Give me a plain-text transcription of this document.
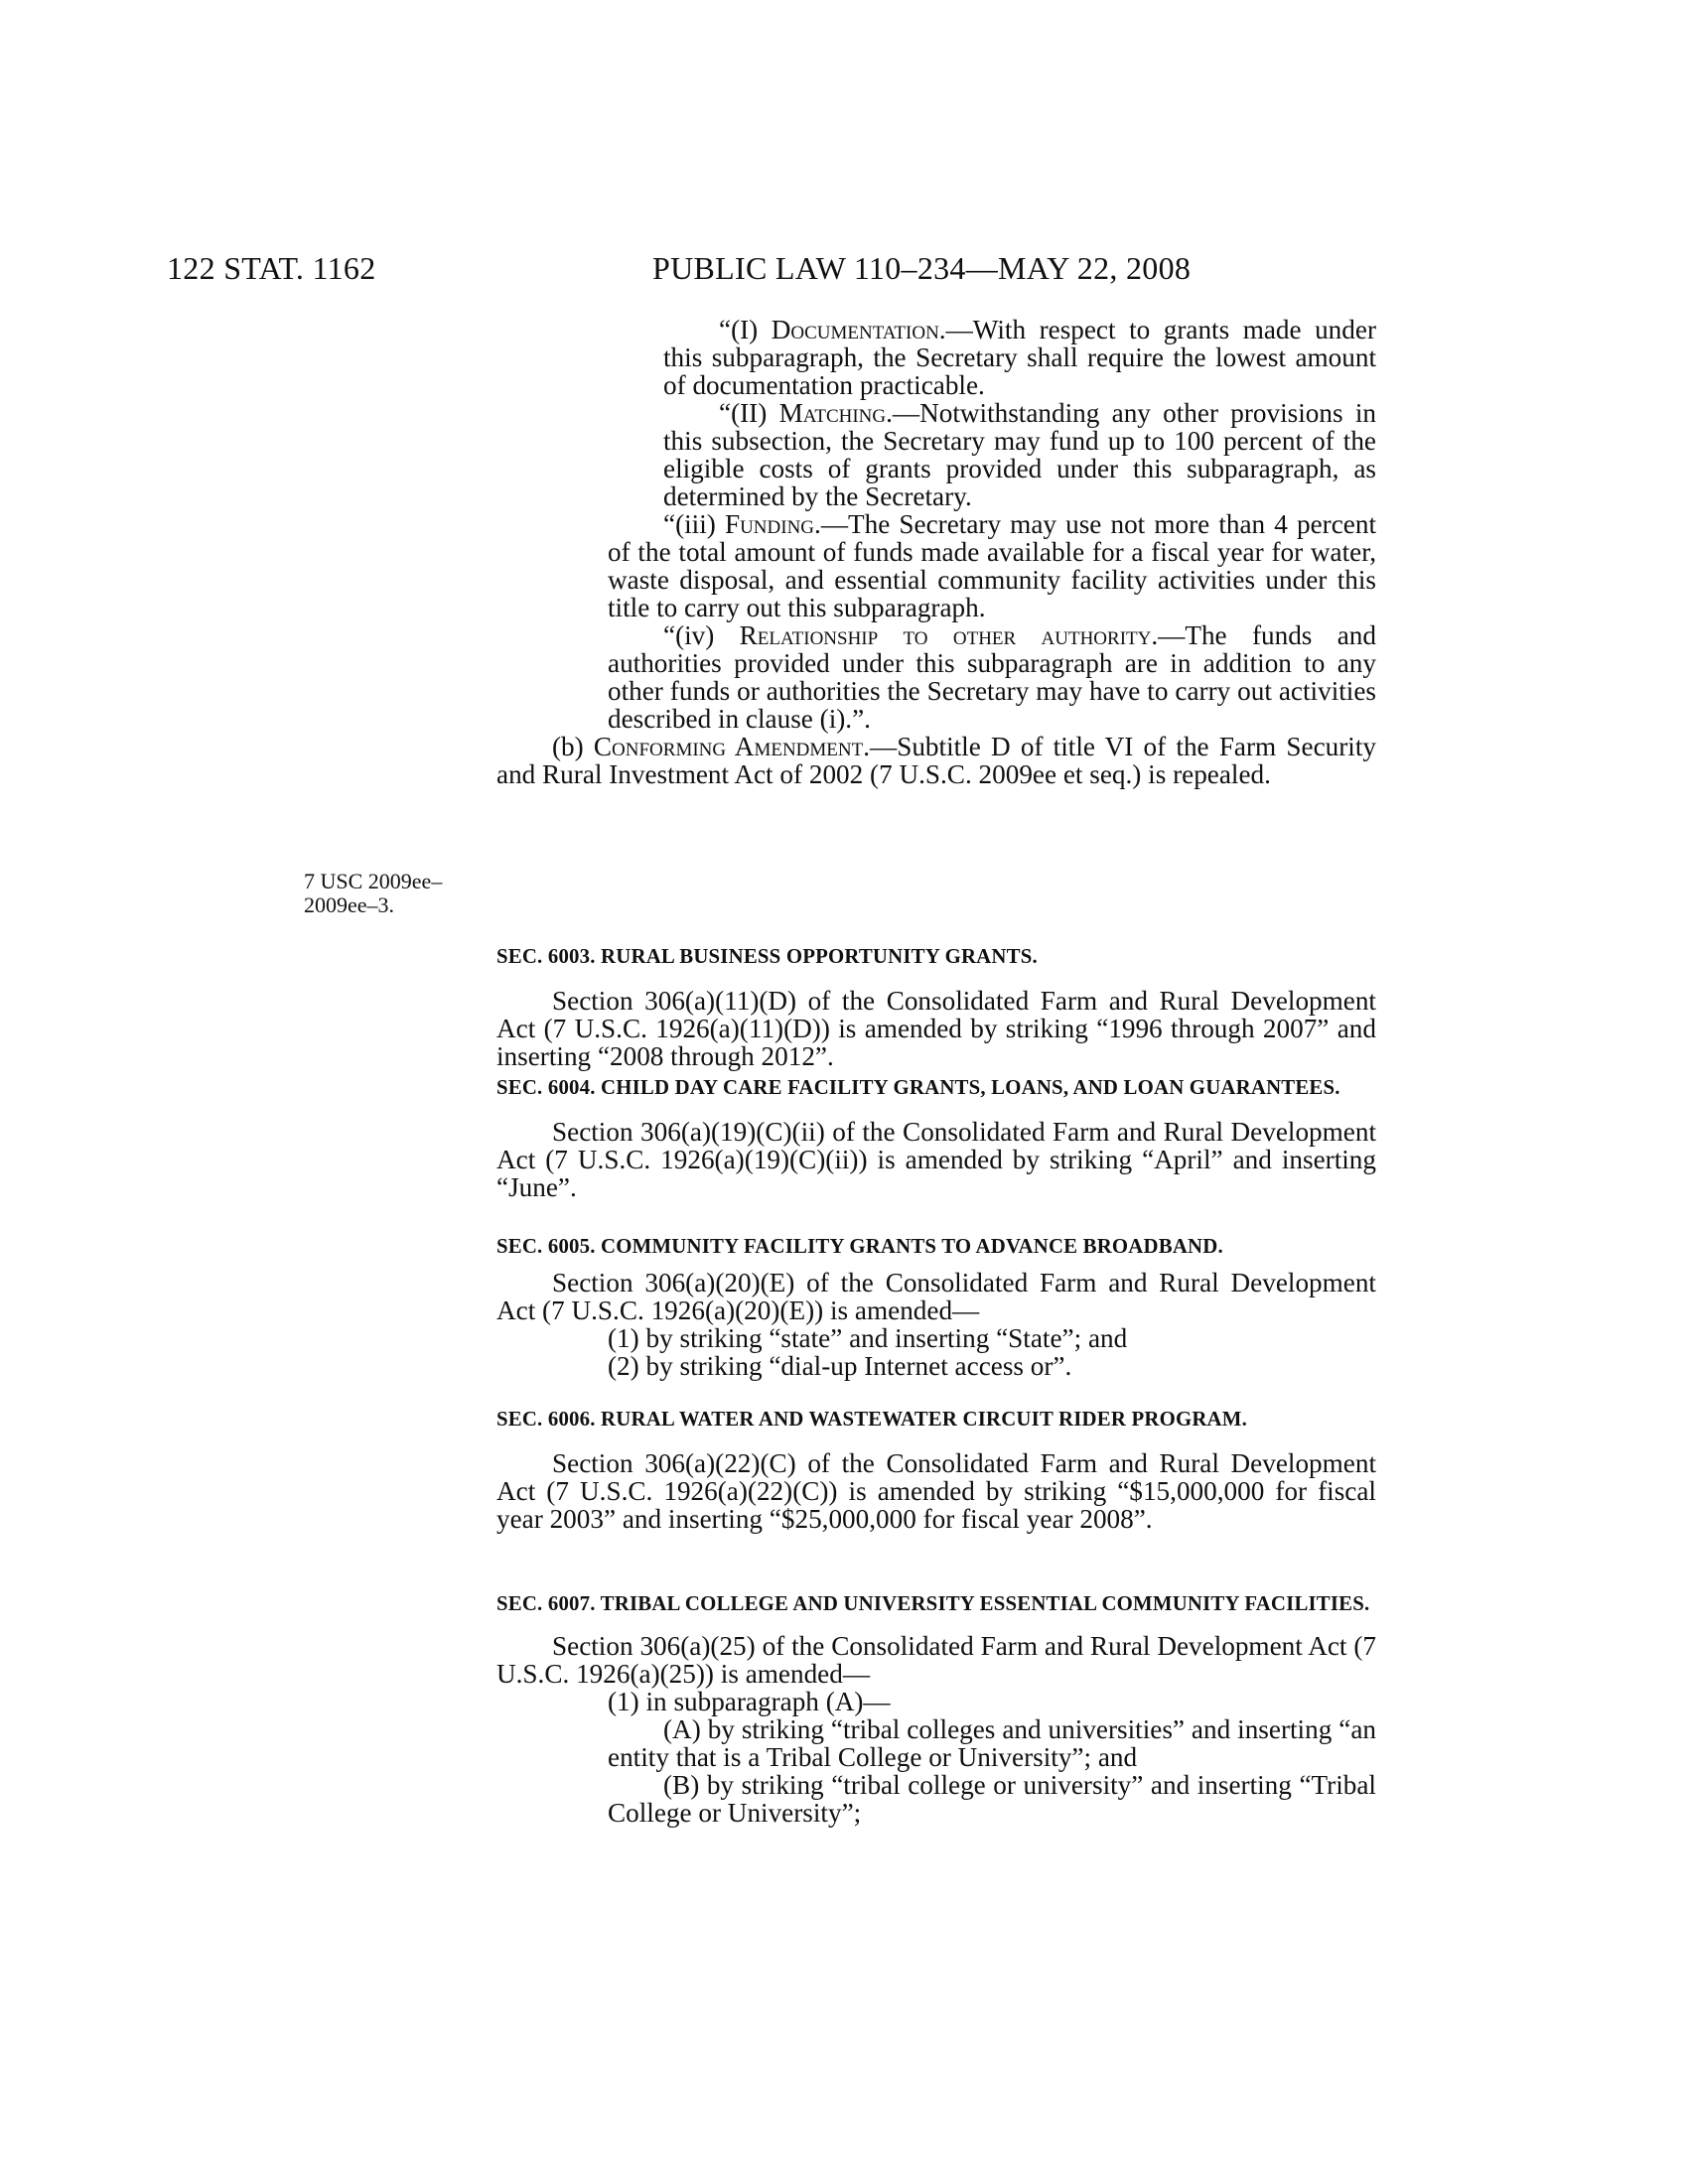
122 STAT. 1162	PUBLIC LAW 110–234—MAY 22, 2008

“(I) Documentation.—With respect to grants made under this subparagraph, the Secretary shall require the lowest amount of documentation practicable.

“(II) Matching.—Notwithstanding any other provisions in this subsection, the Secretary may fund up to 100 percent of the eligible costs of grants provided under this subparagraph, as determined by the Secretary.

“(iii) Funding.—The Secretary may use not more than 4 percent of the total amount of funds made available for a fiscal year for water, waste disposal, and essential community facility activities under this title to carry out this subparagraph.

“(iv) Relationship to other authority.—The funds and authorities provided under this subparagraph are in addition to any other funds or authorities the Secretary may have to carry out activities described in clause (i).”.

(b) Conforming Amendment.—Subtitle D of title VI of the Farm Security and Rural Investment Act of 2002 (7 U.S.C. 2009ee et seq.) is repealed.

7 USC 2009ee–
2009ee–3.
SEC. 6003. RURAL BUSINESS OPPORTUNITY GRANTS.

Section 306(a)(11)(D) of the Consolidated Farm and Rural Development Act (7 U.S.C. 1926(a)(11)(D)) is amended by striking “1996 through 2007” and inserting “2008 through 2012”.

SEC. 6004. CHILD DAY CARE FACILITY GRANTS, LOANS, AND LOAN GUARANTEES.

Section 306(a)(19)(C)(ii) of the Consolidated Farm and Rural Development Act (7 U.S.C. 1926(a)(19)(C)(ii)) is amended by striking “April” and inserting “June”.

SEC. 6005. COMMUNITY FACILITY GRANTS TO ADVANCE BROADBAND.

Section 306(a)(20)(E) of the Consolidated Farm and Rural Development Act (7 U.S.C. 1926(a)(20)(E)) is amended—

(1) by striking “state” and inserting “State”; and

(2) by striking “dial-up Internet access or”.

SEC. 6006. RURAL WATER AND WASTEWATER CIRCUIT RIDER PROGRAM.

Section 306(a)(22)(C) of the Consolidated Farm and Rural Development Act (7 U.S.C. 1926(a)(22)(C)) is amended by striking “$15,000,000 for fiscal year 2003” and inserting “$25,000,000 for fiscal year 2008”.

SEC. 6007. TRIBAL COLLEGE AND UNIVERSITY ESSENTIAL COMMUNITY FACILITIES.

Section 306(a)(25) of the Consolidated Farm and Rural Development Act (7 U.S.C. 1926(a)(25)) is amended—

(1) in subparagraph (A)—

(A) by striking “tribal colleges and universities” and inserting “an entity that is a Tribal College or University”; and

(B) by striking “tribal college or university” and inserting “Tribal College or University”;
